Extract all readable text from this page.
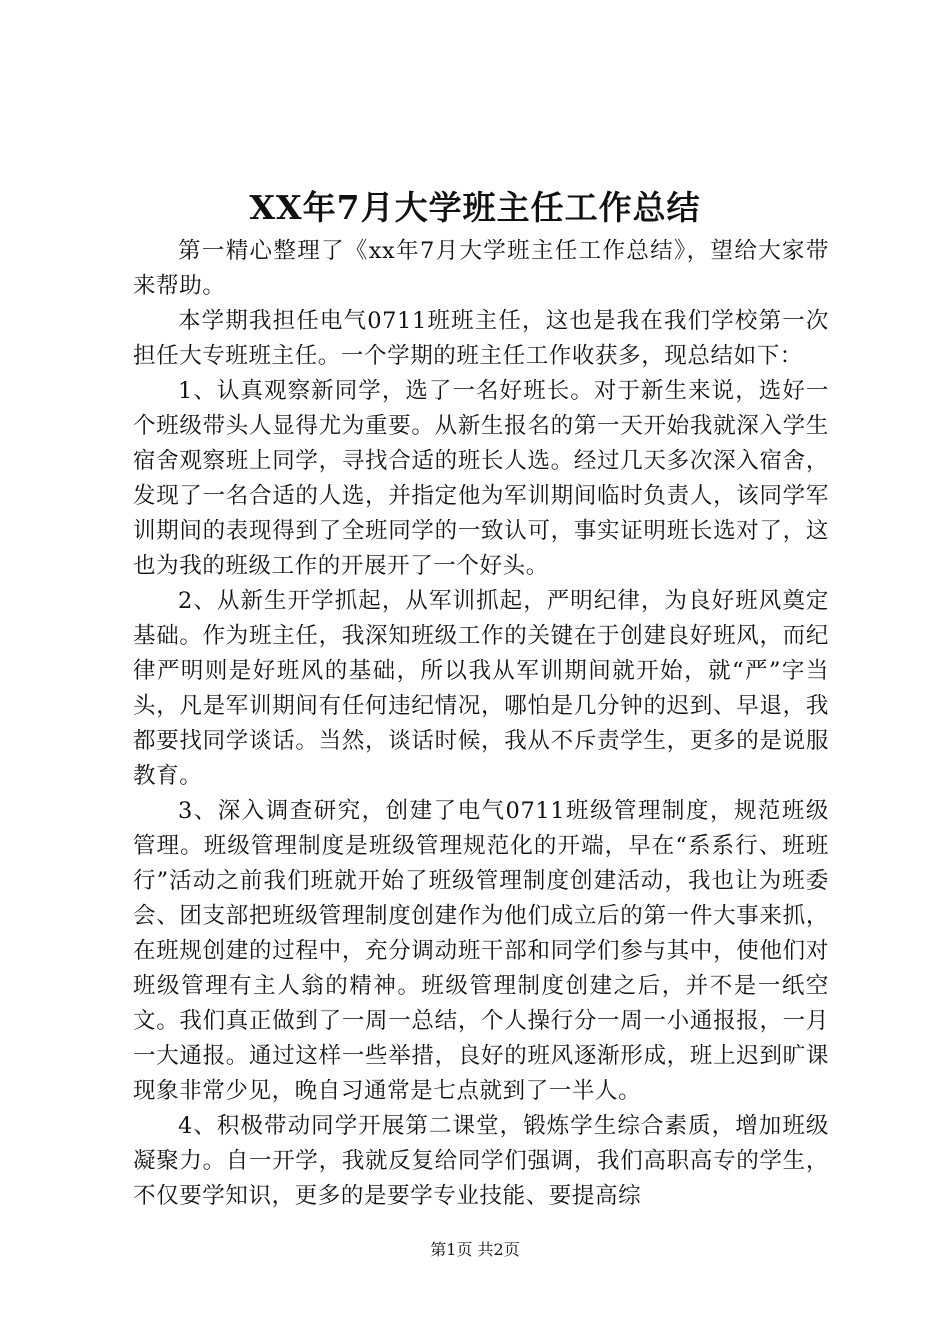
XX年7月大学班主任工作总结

第一精心整理了《xx年7月大学班主任工作总结》，望给大家带来帮助。

本学期我担任电气0711班班主任，这也是我在我们学校第一次担任大专班班主任。一个学期的班主任工作收获多，现总结如下：

1、认真观察新同学，选了一名好班长。对于新生来说，选好一个班级带头人显得尤为重要。从新生报名的第一天开始我就深入学生宿舍观察班上同学，寻找合适的班长人选。经过几天多次深入宿舍，发现了一名合适的人选，并指定他为军训期间临时负责人，该同学军训期间的表现得到了全班同学的一致认可，事实证明班长选对了，这也为我的班级工作的开展开了一个好头。

2、从新生开学抓起，从军训抓起，严明纪律，为良好班风奠定基础。作为班主任，我深知班级工作的关键在于创建良好班风，而纪律严明则是好班风的基础，所以我从军训期间就开始，就“严”字当头，凡是军训期间有任何违纪情况，哪怕是几分钟的迟到、早退，我都要找同学谈话。当然，谈话时候，我从不斥责学生，更多的是说服教育。

3、深入调查研究，创建了电气0711班级管理制度，规范班级管理。班级管理制度是班级管理规范化的开端，早在“系系行、班班行”活动之前我们班就开始了班级管理制度创建活动，我也让为班委会、团支部把班级管理制度创建作为他们成立后的第一件大事来抓，在班规创建的过程中，充分调动班干部和同学们参与其中，使他们对班级管理有主人翁的精神。班级管理制度创建之后，并不是一纸空文。我们真正做到了一周一总结，个人操行分一周一小通报报，一月一大通报。通过这样一些举措，良好的班风逐渐形成，班上迟到旷课现象非常少见，晚自习通常是七点就到了一半人。

4、积极带动同学开展第二课堂，锻炼学生综合素质，增加班级凝聚力。自一开学，我就反复给同学们强调，我们高职高专的学生，不仅要学知识，更多的是要学专业技能、要提高综

第1页 共2页
